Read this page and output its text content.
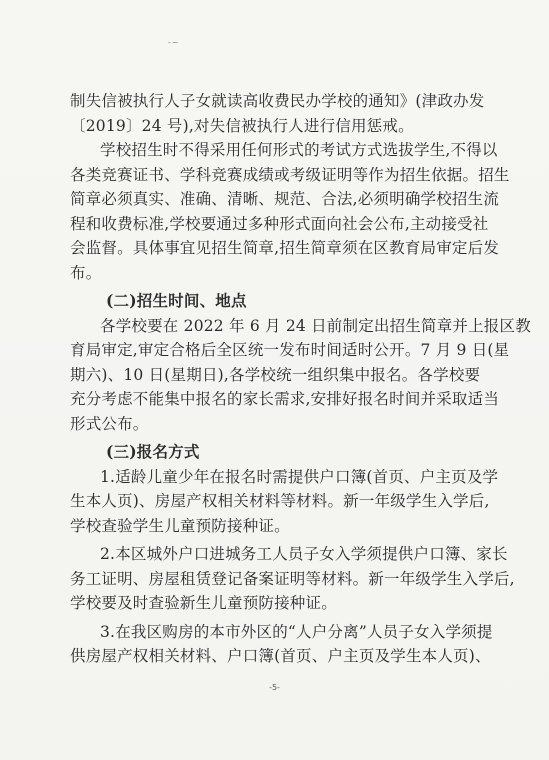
-~
制失信被执行人子女就读高收费民办学校的通知》(津政办发
〔2019〕24 号),对失信被执行人进行信用惩戒。
学校招生时不得采用任何形式的考试方式选拔学生,不得以
各类竞赛证书、学科竞赛成绩或考级证明等作为招生依据。招生
简章必须真实、准确、清晰、规范、合法,必须明确学校招生流
程和收费标准,学校要通过多种形式面向社会公布,主动接受社
会监督。具体事宜见招生简章,招生简章须在区教育局审定后发
布。
(二)招生时间、地点
各学校要在 2022 年 6 月 24 日前制定出招生简章并上报区教
育局审定,审定合格后全区统一发布时间适时公开。7 月 9 日(星
期六)、10 日(星期日),各学校统一组织集中报名。各学校要
充分考虑不能集中报名的家长需求,安排好报名时间并采取适当
形式公布。
(三)报名方式
1.适龄儿童少年在报名时需提供户口簿(首页、户主页及学
生本人页)、房屋产权相关材料等材料。新一年级学生入学后,
学校查验学生儿童预防接种证。
2.本区城外户口进城务工人员子女入学须提供户口簿、家长
务工证明、房屋租赁登记备案证明等材料。新一年级学生入学后,
学校要及时查验新生儿童预防接种证。
3.在我区购房的本市外区的“人户分离”人员子女入学须提
供房屋产权相关材料、户口簿(首页、户主页及学生本人页)、
-5-
